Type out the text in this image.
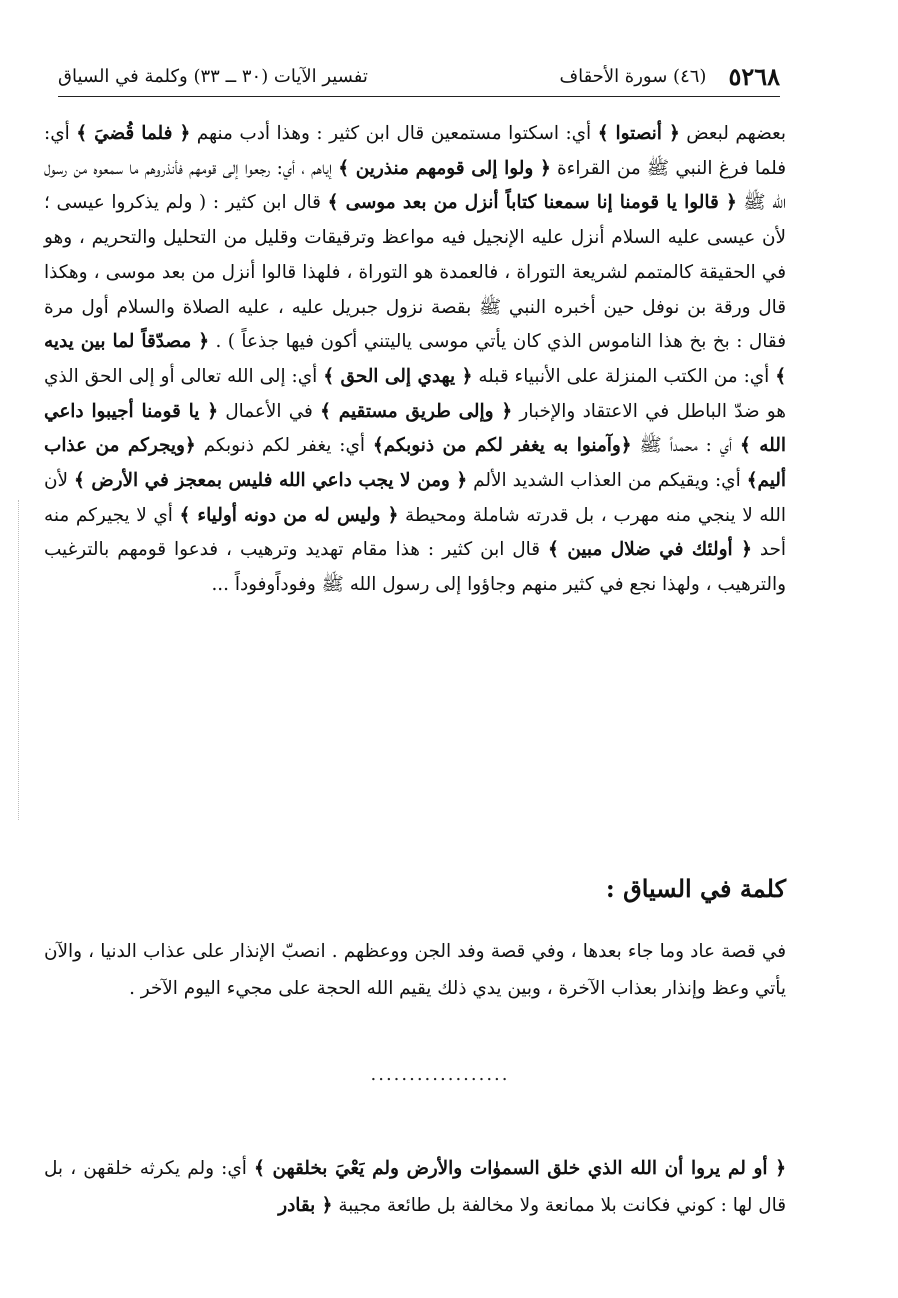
٥٢٦٨
(٤٦) سورة الأحقاف
تفسير الآيات (٣٠ ــ ٣٣) وكلمة في السياق
بعضهم لبعض ﴿ أنصتوا ﴾ أي: اسكتوا مستمعين قال ابن كثير : وهذا أدب منهم ﴿ فلما قُضيَ ﴾ أي: فلما فرغ النبي ﷺ من القراءة ﴿ ولوا إلى قومهم منذرين ﴾ إياهم ، أي: رجعوا إلى قومهم فأنذروهم ما سمعوه من رسول الله ﷺ ﴿ قالوا يا قومنا إنا سمعنا كتاباً أنزل من بعد موسى ﴾ قال ابن كثير : ( ولم يذكروا عيسى ؛ لأن عيسى عليه السلام أنزل عليه الإنجيل فيه مواعظ وترقيقات وقليل من التحليل والتحريم ، وهو في الحقيقة كالمتمم لشريعة التوراة ، فالعمدة هو التوراة ، فلهذا قالوا أنزل من بعد موسى ، وهكذا قال ورقة بن نوفل حين أخبره النبي ﷺ بقصة نزول جبريل عليه ، عليه الصلاة والسلام أول مرة فقال : بخ بخ هذا الناموس الذي كان يأتي موسى ياليتني أكون فيها جذعاً ) . ﴿ مصدّقاً لما بين يديه ﴾ أي: من الكتب المنزلة على الأنبياء قبله ﴿ يهدي إلى الحق ﴾ أي: إلى الله تعالى أو إلى الحق الذي هو ضدّ الباطل في الاعتقاد والإخبار ﴿ وإلى طريق مستقيم ﴾ في الأعمال ﴿ يا قومنا أجيبوا داعي الله ﴾ أي : محمداً ﷺ ﴿وآمنوا به يغفر لكم من ذنوبكم﴾ أي: يغفر لكم ذنوبكم ﴿ويجركم من عذاب أليم﴾ أي: ويقيكم من العذاب الشديد الألم ﴿ ومن لا يجب داعي الله فليس بمعجز في الأرض ﴾ لأن الله لا ينجي منه مهرب ، بل قدرته شاملة ومحيطة ﴿ وليس له من دونه أولياء ﴾ أي لا يجيركم منه أحد ﴿ أولئك في ضلال مبين ﴾ قال ابن كثير : هذا مقام تهديد وترهيب ، فدعوا قومهم بالترغيب والترهيب ، ولهذا نجع في كثير منهم وجاؤوا إلى رسول الله ﷺ وفوداًوفوداً ...
كلمة في السياق :
في قصة عاد وما جاء بعدها ، وفي قصة وفد الجن ووعظهم . انصبّ الإنذار على عذاب الدنيا ، والآن يأتي وعظ وإنذار بعذاب الآخرة ، وبين يدي ذلك يقيم الله الحجة على مجيء اليوم الآخر .
..................
﴿ أو لم يروا أن الله الذي خلق السموٰات والأرض ولم يَعْيَ بخلقهن ﴾ أي: ولم يكرثه خلقهن ، بل قال لها : كوني فكانت بلا ممانعة ولا مخالفة بل طائعة مجيبة ﴿ بقادر
